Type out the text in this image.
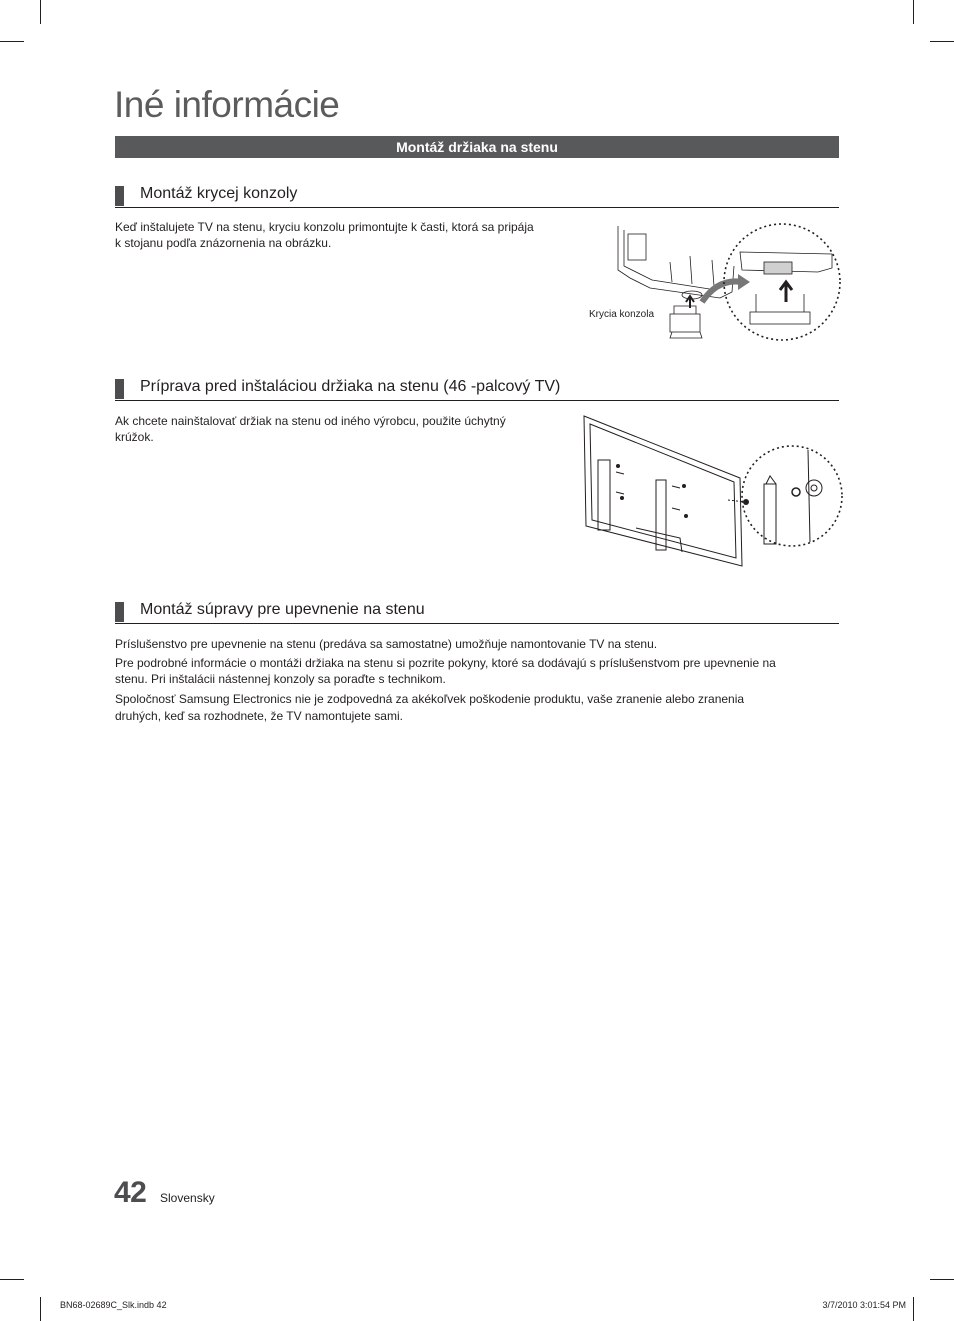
Iné informácie
Montáž držiaka na stenu
Montáž krycej konzoly

Keď inštalujete TV na stenu, kryciu konzolu primontujte k časti, ktorá sa pripája

k stojanu podľa znázornenia na obrázku.

Krycia konzola
Príprava pred inštaláciou držiaka na stenu (46 -palcový TV)

Ak chcete nainštalovať držiak na stenu od iného výrobcu, použite úchytný

krúžok.

Montáž súpravy pre upevnenie na stenu

Príslušenstvo pre upevnenie na stenu (predáva sa samostatne) umožňuje namontovanie TV na stenu.

Pre podrobné informácie o montáži držiaka na stenu si pozrite pokyny, ktoré sa dodávajú s príslušenstvom pre upevnenie na

stenu. Pri inštalácii nástennej konzoly sa poraďte s technikom.

Spoločnosť Samsung Electronics nie je zodpovedná za akékoľvek poškodenie produktu, vaše zranenie alebo zranenia

druhých, keď sa rozhodnete, že TV namontujete sami.

42 Slovensky
BN68-02689C_Slk.indb 42	3/7/2010 3:01:54 PM
